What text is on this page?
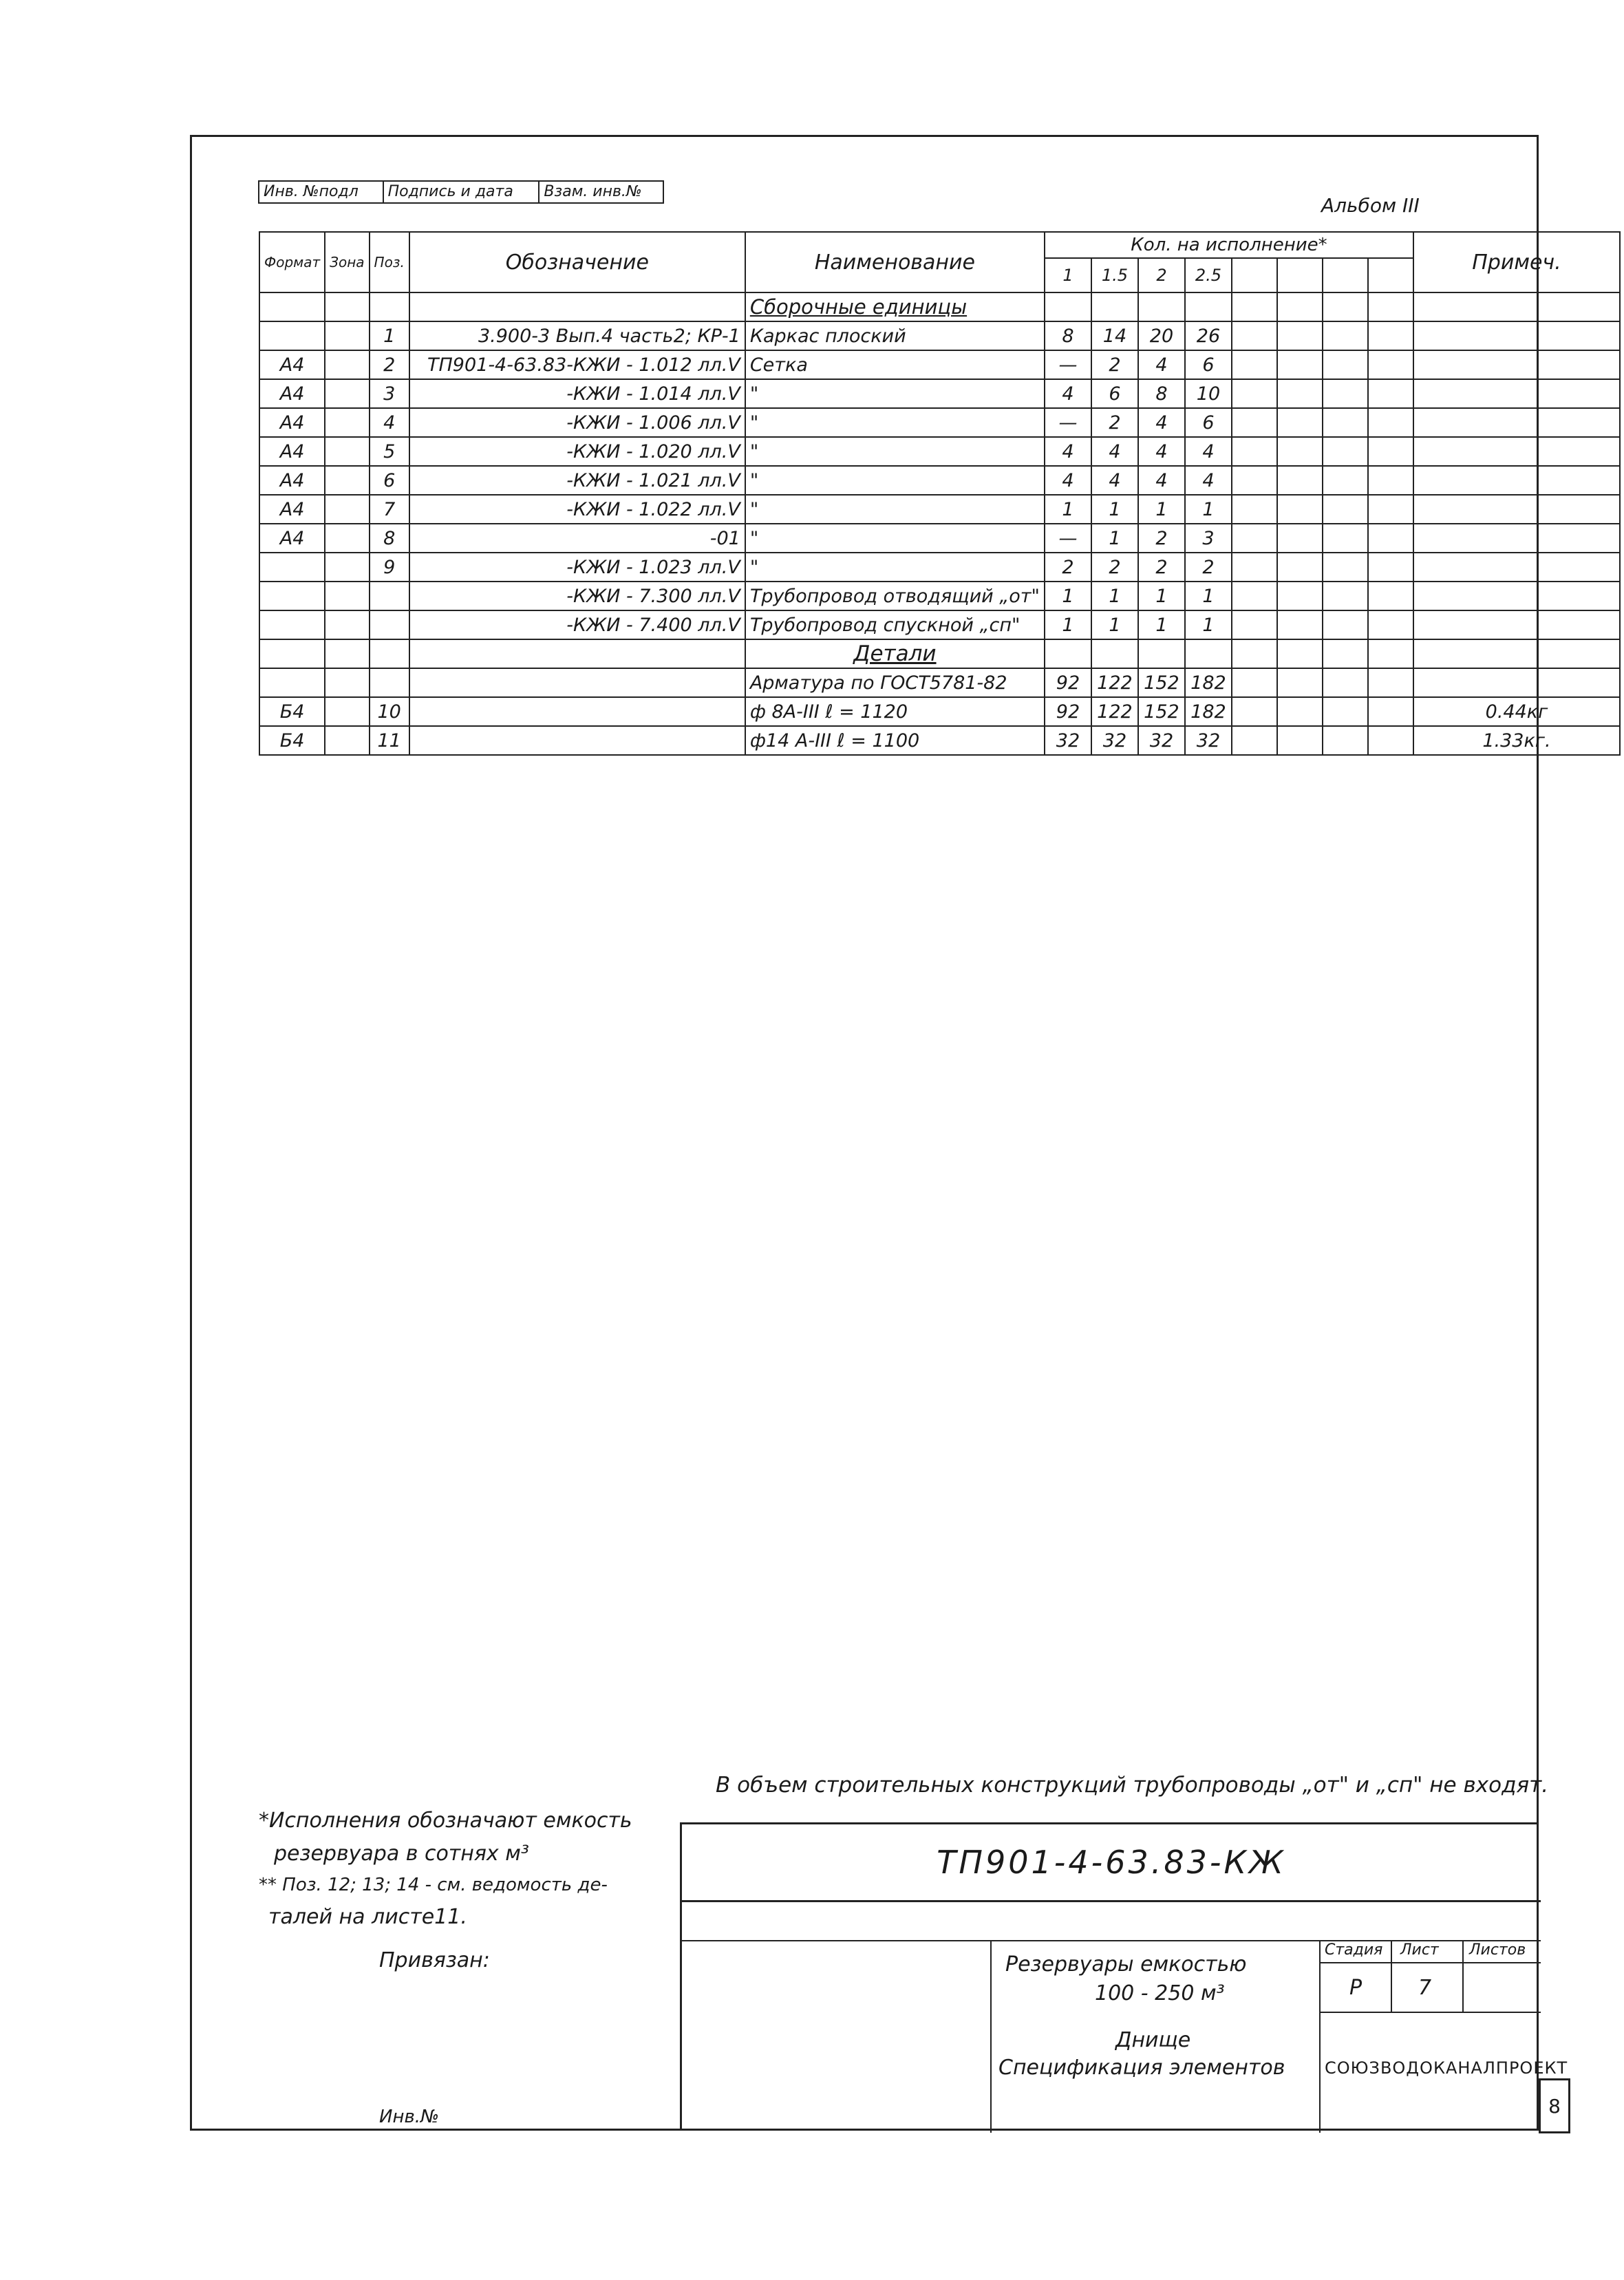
Инв. №подл	Подпись и дата	Взам. инв.№
Альбом III
Формат	Зона	Поз.	Обозначение	Наименование	Кол. на исполнение*								Примеч.
					1	1.5	2	2.5					
				Сборочные единицы									
		1	3.900-3 Вып.4 часть2; КР-1	Каркас плоский	8	14	20	26					
А4		2	ТП901-4-63.83-КЖИ - 1.012 лл.V	Сетка	—	2	4	6					
А4		3	-КЖИ - 1.014 лл.V	"	4	6	8	10					
А4		4	-КЖИ - 1.006 лл.V	"	—	2	4	6					
А4		5	-КЖИ - 1.020 лл.V	"	4	4	4	4					
А4		6	-КЖИ - 1.021 лл.V	"	4	4	4	4					
А4		7	-КЖИ - 1.022 лл.V	"	1	1	1	1					
А4		8	-01	"	—	1	2	3					
		9	-КЖИ - 1.023 лл.V	"	2	2	2	2					
			-КЖИ - 7.300 лл.V	Трубопровод отводящий „от"	1	1	1	1					
			-КЖИ - 7.400 лл.V	Трубопровод спускной „сп"	1	1	1	1					
				Детали									
				Арматура по ГОСТ5781-82	92	122	152	182					
Б4		10		ф 8А-III ℓ = 1120	92	122	152	182					0.44кг
Б4		11		ф14 А-III ℓ = 1100	32	32	32	32					1.33кг.
В объем строительных конструкций трубопроводы „от" и „сп" не входят.
*Исполнения обозначают емкость
резервуара в сотнях м³
** Поз. 12; 13; 14 - см. ведомость де-
талей на листе11.
ТП901-4-63.83-КЖ
Привязан:
Инв.№
Резервуары емкостью
100 - 250 м³
Днище
Спецификация элементов
Стадия Лист Листов
Р	7
СОЮЗВОДОКАНАЛПРОЕКТ
8
